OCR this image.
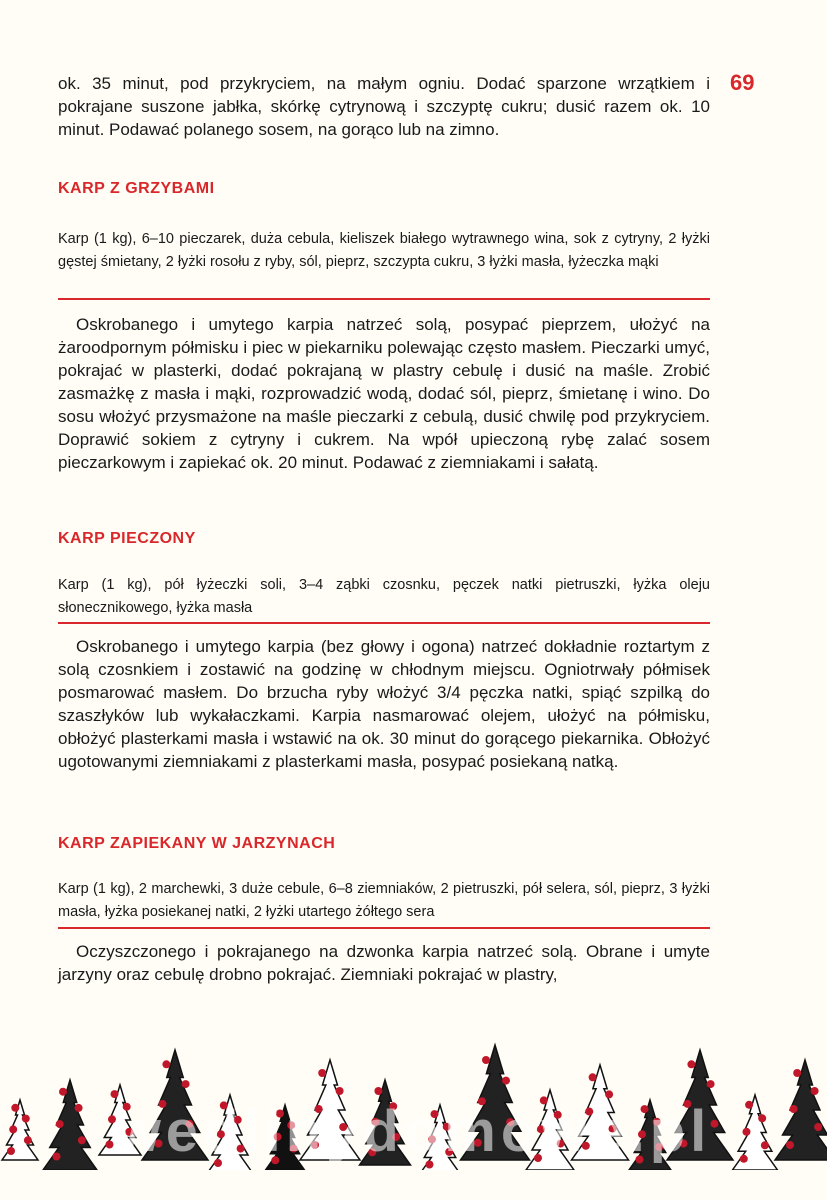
69
ok. 35 minut, pod przykryciem, na małym ogniu. Dodać sparzone wrzątkiem i pokrajane suszone jabłka, skórkę cytrynową i szczyptę cukru; dusić razem ok. 10 minut. Podawać polanego sosem, na gorąco lub na zimno.
KARP Z GRZYBAMI
Karp (1 kg), 6–10 pieczarek, duża cebula, kieliszek białego wytrawnego wina, sok z cytryny, 2 łyżki gęstej śmietany, 2 łyżki rosołu z ryby, sól, pieprz, szczypta cukru, 3 łyżki masła, łyżeczka mąki
Oskrobanego i umytego karpia natrzeć solą, posypać pieprzem, ułożyć na żaroodpornym półmisku i piec w piekarniku polewając często masłem. Pieczarki umyć, pokrajać w plasterki, dodać pokrajaną w plastry cebulę i dusić na maśle. Zrobić zasmażkę z masła i mąki, rozprowadzić wodą, dodać sól, pieprz, śmietanę i wino. Do sosu włożyć przysmażone na maśle pieczarki z cebulą, dusić chwilę pod przykryciem. Doprawić sokiem z cytryny i cukrem. Na wpół upieczoną rybę zalać sosem pieczarkowym i zapiekać ok. 20 minut. Podawać z ziemniakami i sałatą.
KARP PIECZONY
Karp (1 kg), pół łyżeczki soli, 3–4 ząbki czosnku, pęczek natki pietruszki, łyżka oleju słonecznikowego, łyżka masła
Oskrobanego i umytego karpia (bez głowy i ogona) natrzeć dokładnie roztartym z solą czosnkiem i zostawić na godzinę w chłodnym miejscu. Ogniotrwały półmisek posmarować masłem. Do brzucha ryby włożyć 3/4 pęczka natki, spiąć szpilką do szaszłyków lub wykałaczkami. Karpia nasmarować olejem, ułożyć na półmisku, obłożyć plasterkami masła i wstawić na ok. 30 minut do gorącego piekarnika. Obłożyć ugotowanymi ziemniakami z plasterkami masła, posypać posiekaną natką.
KARP ZAPIEKANY W JARZYNACH
Karp (1 kg), 2 marchewki, 3 duże cebule, 6–8 ziemniaków, 2 pietruszki, pół selera, sól, pieprz, 3 łyżki masła, łyżka posiekanej natki, 2 łyżki utartego żółtego sera
Oczyszczonego i pokrajanego na dzwonka karpia natrzeć solą. Obrane i umyte jarzyny oraz cebulę drobno pokrajać. Ziemniaki pokrajać w plastry,
wedlinydomowe.pl
